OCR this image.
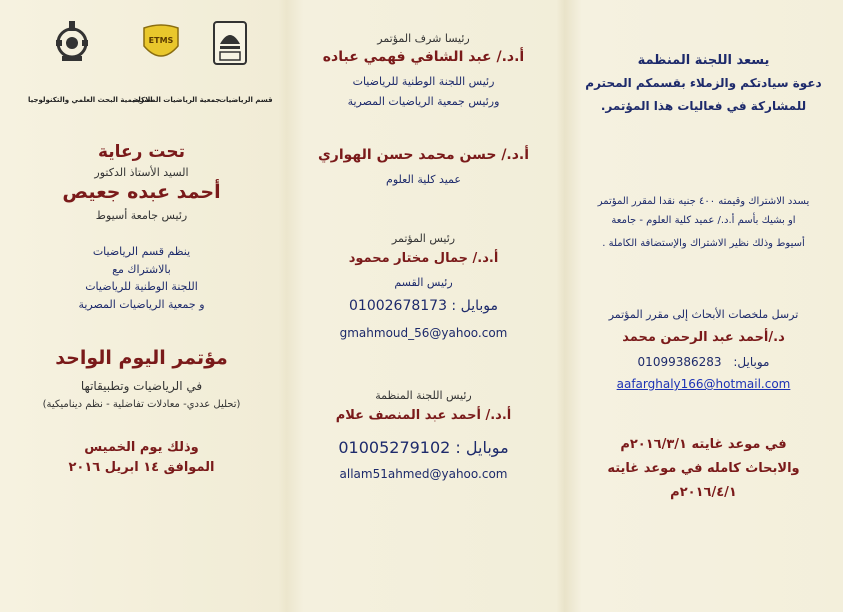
ETMS
الاكاديمية البحث العلمي والتكنولوجيا
جمعية الرياضيات المصرية
قسم الرياضيات
تحت رعاية
السيد الأستاذ الدكتور
أحمد عبده جعيص
رئيس جامعة أسيوط
ينظم قسم الرياضيات
بالاشتراك مع
اللجنة الوطنية للرياضيات
و جمعية الرياضيات المصرية
مؤتمر اليوم الواحد
في الرياضيات وتطبيقاتها
(تحليل عددي- معادلات تفاضلية - نظم ديناميكية)
وذلك يوم الخميس
الموافق ١٤ ابريل ٢٠١٦
رئيسا شرف المؤتمر
أ.د./ عبد الشافي فهمي عباده
رئيس اللجنة الوطنية للرياضيات
ورئيس جمعية الرياضيات المصرية
أ.د./ حسن محمد حسن الهواري
عميد كلية العلوم
رئيس المؤتمر
أ.د./ جمال مختار محمود
رئيس القسم
موبايل : 01002678173
gmahmoud_56@yahoo.com
رئيس اللجنة المنظمة
أ.د./ أحمد عبد المنصف علام
موبايل : 01005279102
allam51ahmed@yahoo.com
يسعد اللجنة المنظمة
دعوة سيادتكم والزملاء بقسمكم المحترم
للمشاركة في فعاليات هذا المؤتمر.
يسدد الاشتراك وقيمته ٤٠٠ جنيه نقدا لمقرر المؤتمر
او بشيك بأسم أ.د./ عميد كلية العلوم - جامعة
أسيوط وذلك نظير الاشتراك والإستضافة الكاملة .
ترسل ملخصات الأبحاث إلى مقرر المؤتمر
د./أحمد عبد الرحمن محمد
موبايل: 01099386283
aafarghaly166@hotmail.com
في موعد غايته ٢٠١٦/٣/١م
والابحاث كامله في موعد غايته
٢٠١٦/٤/١م
